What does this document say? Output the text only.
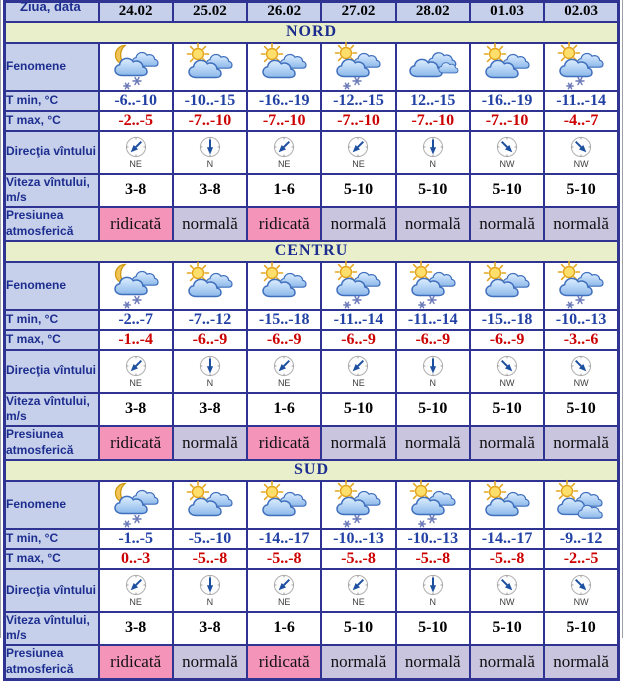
Ziua, data	24.02	25.02	26.02	27.02	28.02	01.03	02.03
NORD							
Fenomene	

T min, °C	-6..-10	-10..-15	-16..-19	-12..-15	12..-15	-16..-19	-11..-14
T max, °C	-2..-5	-7..-10	-7..-10	-7..-10	-7..-10	-7..-10	-4..-7
Direcţia vîntului	NE	N	NE	NE	N	NW	NW

Viteza vîntului, m/s	3-8	3-8	1-6	5-10	5-10	5-10	5-10
Presiunea atmosferică	ridicată	normală	ridicată	normală	normală	normală	normală
CENTRU							
Fenomene	

T min, °C	-2..-7	-7..-12	-15..-18	-11..-14	-11..-14	-15..-18	-10..-13
T max, °C	-1..-4	-6..-9	-6..-9	-6..-9	-6..-9	-6..-9	-3..-6
Direcţia vîntului	NE	N	NE	NE	N	NW	NW

Viteza vîntului, m/s	3-8	3-8	1-6	5-10	5-10	5-10	5-10
Presiunea atmosferică	ridicată	normală	ridicată	normală	normală	normală	normală
SUD							
Fenomene	

T min, °C	-1..-5	-5..-10	-14..-17	-10..-13	-10..-13	-14..-17	-9..-12
T max, °C	0..-3	-5..-8	-5..-8	-5..-8	-5..-8	-5..-8	-2..-5
Direcţia vîntului	NE	N	NE	NE	N	NW	NW

Viteza vîntului, m/s	3-8	3-8	1-6	5-10	5-10	5-10	5-10
Presiunea atmosferică	ridicată	normală	ridicată	normală	normală	normală	normală
